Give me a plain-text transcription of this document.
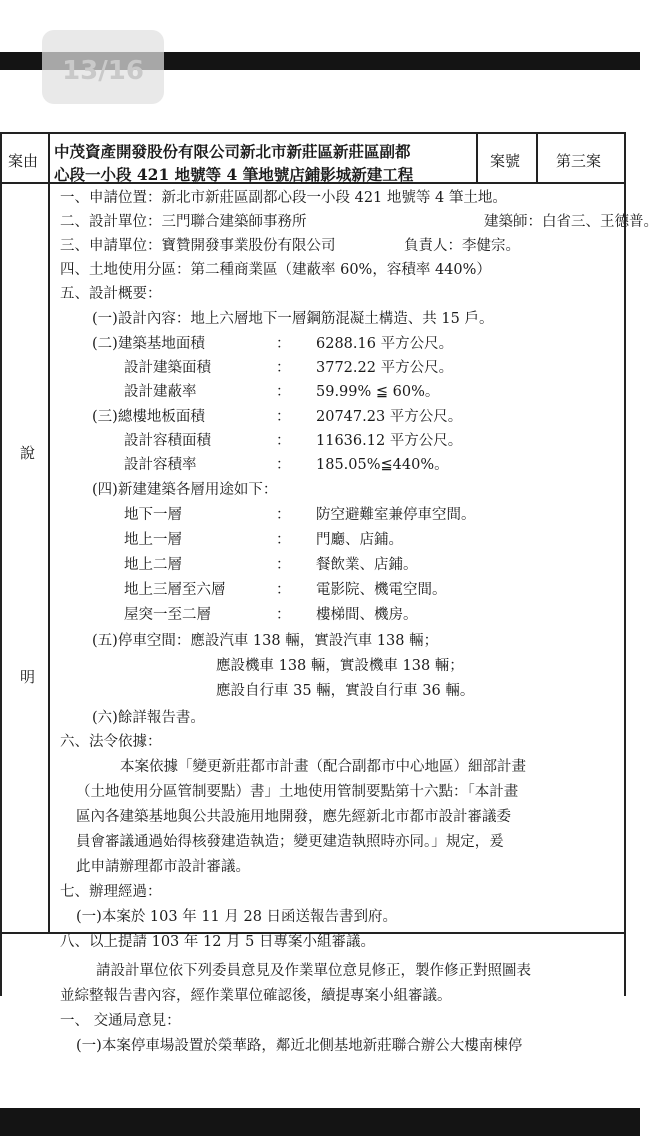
案由 中茂資產開發股份有限公司新北市新莊區新莊區副都
心段一小段 421 地號等 4 筆地號店鋪影城新建工程
案號 第三案
說
明
一、申請位置：新北市新莊區副都心段一小段 421 地號等 4 筆土地。
二、設計單位：三門聯合建築師事務所	建築師：白省三、王德普。
三、申請單位：寶贊開發事業股份有限公司	負責人：李健宗。
四、土地使用分區：第二種商業區（建蔽率 60%，容積率 440%）
五、設計概要：
(一)設計內容：地上六層地下一層鋼筋混凝土構造、共 15 戶。
(二)建築基地面積	： 6288.16 平方公尺。
設計建築面積	： 3772.22 平方公尺。
設計建蔽率	： 59.99% ≦ 60%。
(三)總樓地板面積	： 20747.23 平方公尺。
設計容積面積	： 11636.12 平方公尺。
設計容積率	： 185.05%≦440%。
(四)新建建築各層用途如下：
地下一層	： 防空避難室兼停車空間。
地上一層	： 門廳、店鋪。
地上二層	： 餐飲業、店鋪。
地上三層至六層	： 電影院、機電空間。
屋突一至二層	： 樓梯間、機房。
(五)停車空間：應設汽車 138 輛，實設汽車 138 輛；
應設機車 138 輛，實設機車 138 輛；
應設自行車 35 輛，實設自行車 36 輛。
(六)餘詳報告書。
六、法令依據：
本案依據「變更新莊都市計畫（配合副都市中心地區）細部計畫
（土地使用分區管制要點）書」土地使用管制要點第十六點：「本計畫
區內各建築基地與公共設施用地開發，應先經新北市都市設計審議委
員會審議通過始得核發建造執造；變更建造執照時亦同。」規定，爰
此申請辦理都市設計審議。
七、辦理經過：
(一)本案於 103 年 11 月 28 日函送報告書到府。
八、以上提請 103 年 12 月 5 日專案小組審議。
請設計單位依下列委員意見及作業單位意見修正，製作修正對照圖表
並綜整報告書內容，經作業單位確認後，續提專案小組審議。
一、 交通局意見：
(一)本案停車場設置於榮華路，鄰近北側基地新莊聯合辦公大樓南棟停
13/16
